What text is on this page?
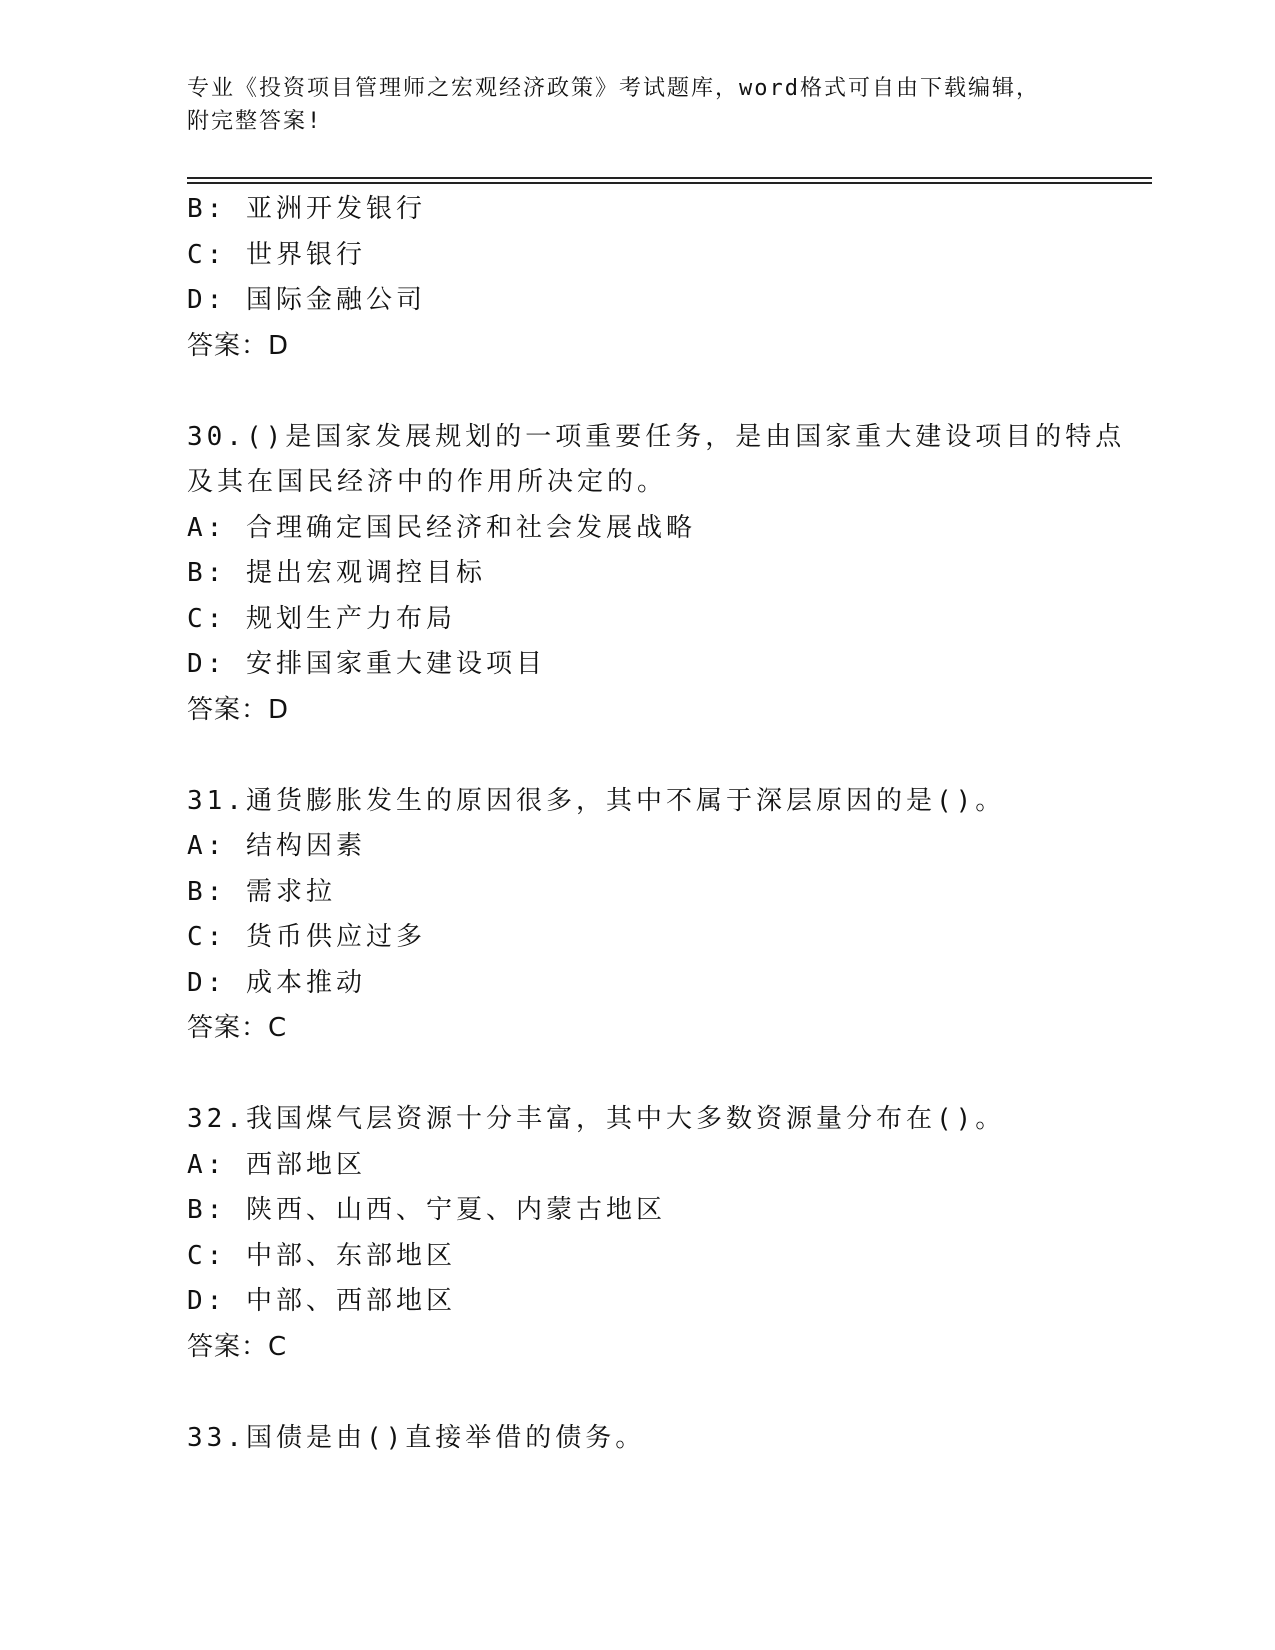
专业《投资项目管理师之宏观经济政策》考试题库，word格式可自由下载编辑，
附完整答案!
B: 亚洲开发银行
C: 世界银行
D: 国际金融公司
答案：D
30.()是国家发展规划的一项重要任务，是由国家重大建设项目的特点
及其在国民经济中的作用所决定的。
A: 合理确定国民经济和社会发展战略
B: 提出宏观调控目标
C: 规划生产力布局
D: 安排国家重大建设项目
答案：D
31.通货膨胀发生的原因很多，其中不属于深层原因的是()。
A: 结构因素
B: 需求拉
C: 货币供应过多
D: 成本推动
答案：C
32.我国煤气层资源十分丰富，其中大多数资源量分布在()。
A: 西部地区
B: 陕西、山西、宁夏、内蒙古地区
C: 中部、东部地区
D: 中部、西部地区
答案：C
33.国债是由()直接举借的债务。
